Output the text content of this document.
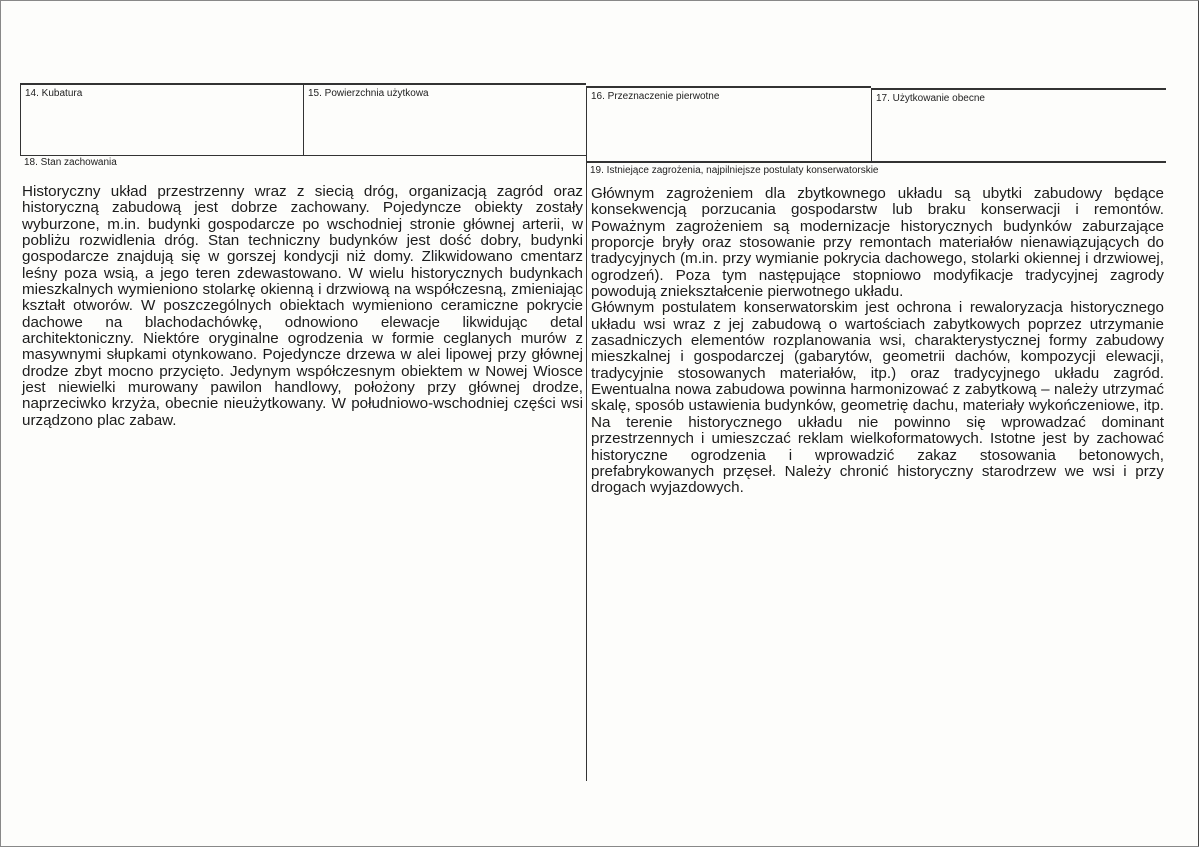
14. Kubatura	15. Powierzchnia użytkowa	16. Przeznaczenie pierwotne	17. Użytkowanie obecne
18. Stan zachowania
Historyczny układ przestrzenny wraz z siecią dróg, organizacją zagród oraz historyczną zabudową jest dobrze zachowany. Pojedyncze obiekty zostały wyburzone, m.in. budynki gospodarcze po wschodniej stronie głównej arterii, w pobliżu rozwidlenia dróg. Stan techniczny budynków jest dość dobry, budynki gospodarcze znajdują się w gorszej kondycji niż domy. Zlikwidowano cmentarz leśny poza wsią, a jego teren zdewastowano. W wielu historycznych budynkach mieszkalnych wymieniono stolarkę okienną i drzwiową na współczesną, zmieniając kształt otworów. W poszczególnych obiektach wymieniono ceramiczne pokrycie dachowe na blachodachówkę, odnowiono elewacje likwidując detal architektoniczny. Niektóre oryginalne ogrodzenia w formie ceglanych murów z masywnymi słupkami otynkowano. Pojedyncze drzewa w alei lipowej przy głównej drodze zbyt mocno przycięto. Jedynym współczesnym obiektem w Nowej Wiosce jest niewielki murowany pawilon handlowy, położony przy głównej drodze, naprzeciwko krzyża, obecnie nieużytkowany. W południowo-wschodniej części wsi urządzono plac zabaw.
19. Istniejące zagrożenia, najpilniejsze postulaty konserwatorskie
Głównym zagrożeniem dla zbytkownego układu są ubytki zabudowy będące konsekwencją porzucania gospodarstw lub braku konserwacji i remontów. Poważnym zagrożeniem są modernizacje historycznych budynków zaburzające proporcje bryły oraz stosowanie przy remontach materiałów nienawiązujących do tradycyjnych (m.in. przy wymianie pokrycia dachowego, stolarki okiennej i drzwiowej, ogrodzeń). Poza tym następujące stopniowo modyfikacje tradycyjnej zagrody powodują zniekształcenie pierwotnego układu.
Głównym postulatem konserwatorskim jest ochrona i rewaloryzacja historycznego układu wsi wraz z jej zabudową o wartościach zabytkowych poprzez utrzymanie zasadniczych elementów rozplanowania wsi, charakterystycznej formy zabudowy mieszkalnej i gospodarczej (gabarytów, geometrii dachów, kompozycji elewacji, tradycyjnie stosowanych materiałów, itp.) oraz tradycyjnego układu zagród. Ewentualna nowa zabudowa powinna harmonizować z zabytkową – należy utrzymać skalę, sposób ustawienia budynków, geometrię dachu, materiały wykończeniowe, itp. Na terenie historycznego układu nie powinno się wprowadzać dominant przestrzennych i umieszczać reklam wielkoformatowych. Istotne jest by zachować historyczne ogrodzenia i wprowadzić zakaz stosowania betonowych, prefabrykowanych przęseł. Należy chronić historyczny starodrzew we wsi i przy drogach wyjazdowych.
